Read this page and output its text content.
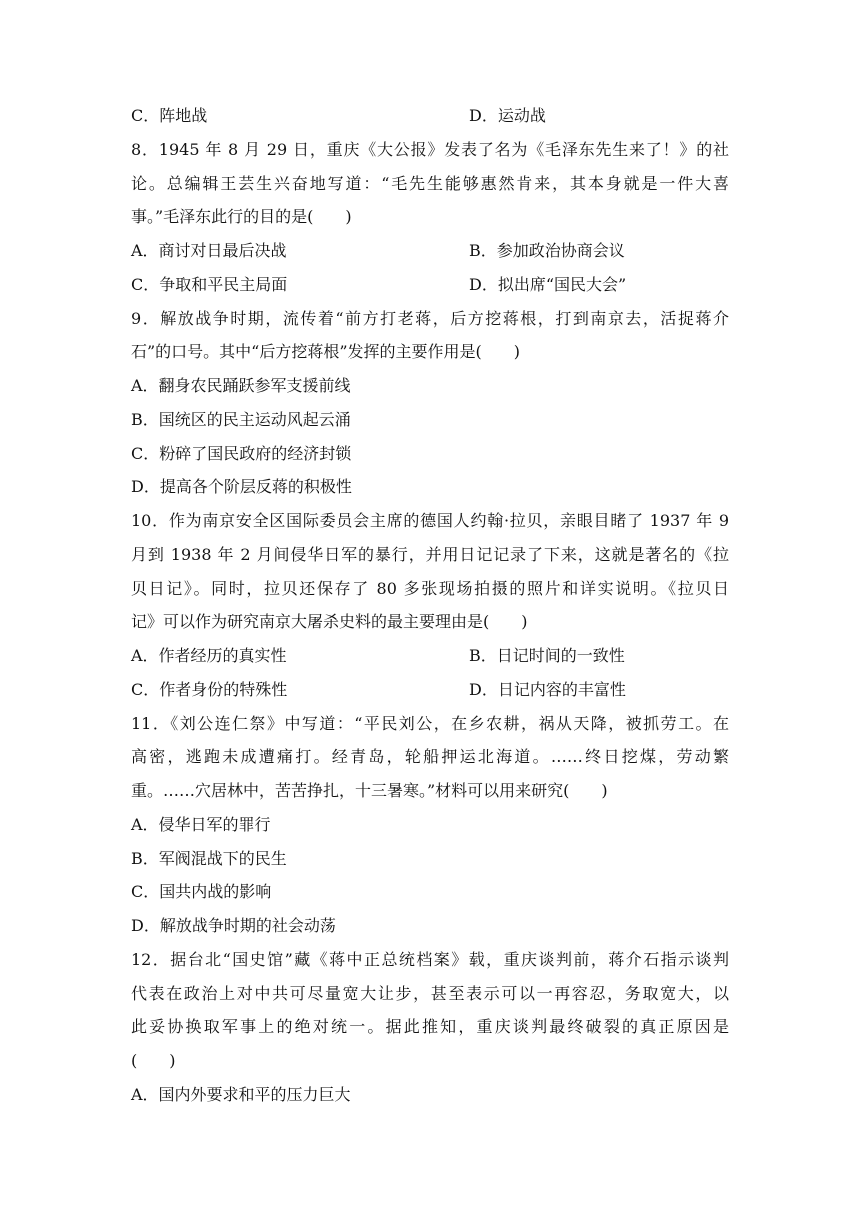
C．阵地战	D．运动战
8．1945 年 8 月 29 日，重庆《大公报》发表了名为《毛泽东先生来了！》的社
论。总编辑王芸生兴奋地写道：“毛先生能够惠然肯来，其本身就是一件大喜
事。”毛泽东此行的目的是(　　)
A．商讨对日最后决战	B．参加政治协商会议
C．争取和平民主局面	D．拟出席“国民大会”
9．解放战争时期，流传着“前方打老蒋，后方挖蒋根，打到南京去，活捉蒋介
石”的口号。其中“后方挖蒋根”发挥的主要作用是(　　)
A．翻身农民踊跃参军支援前线
B．国统区的民主运动风起云涌
C．粉碎了国民政府的经济封锁
D．提高各个阶层反蒋的积极性
10．作为南京安全区国际委员会主席的德国人约翰·拉贝，亲眼目睹了 1937 年 9
月到 1938 年 2 月间侵华日军的暴行，并用日记记录了下来，这就是著名的《拉
贝日记》。同时，拉贝还保存了 80 多张现场拍摄的照片和详实说明。《拉贝日
记》可以作为研究南京大屠杀史料的最主要理由是(　　)
A．作者经历的真实性	B．日记时间的一致性
C．作者身份的特殊性	D．日记内容的丰富性
11．《刘公连仁祭》中写道：“平民刘公，在乡农耕，祸从天降，被抓劳工。在
高密，逃跑未成遭痛打。经青岛，轮船押运北海道。……终日挖煤，劳动繁
重。……穴居林中，苦苦挣扎，十三暑寒。”材料可以用来研究(　　)
A．侵华日军的罪行
B．军阀混战下的民生
C．国共内战的影响
D．解放战争时期的社会动荡
12．据台北“国史馆”藏《蒋中正总统档案》载，重庆谈判前，蒋介石指示谈判
代表在政治上对中共可尽量宽大让步，甚至表示可以一再容忍，务取宽大，以
此妥协换取军事上的绝对统一。据此推知，重庆谈判最终破裂的真正原因是
(　　)
A．国内外要求和平的压力巨大
